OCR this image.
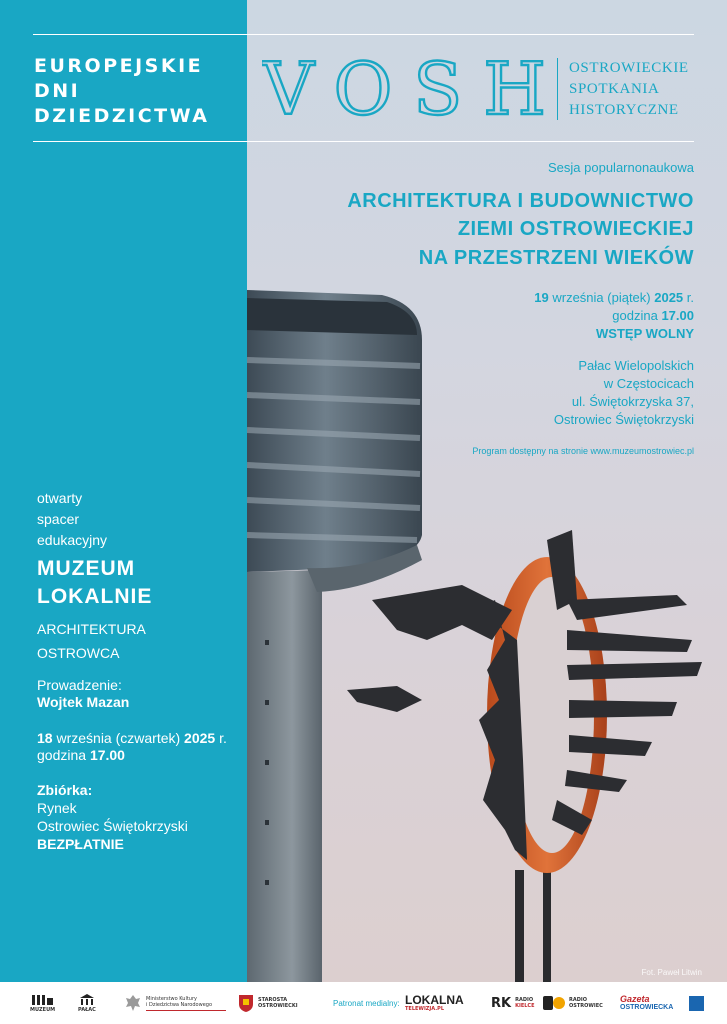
EUROPEJSKIE
DNI
DZIEDZICTWA VOSH OSTROWIECKIE
SPOTKANIA
HISTORYCZNE
Sesja popularnonaukowa
ARCHITEKTURA I BUDOWNICTWO
ZIEMI OSTROWIECKIEJ
NA PRZESTRZENI WIEKÓW
19 września (piątek) 2025 r.
godzina 17.00
WSTĘP WOLNY
Pałac Wielopolskich
w Częstocicach
ul. Świętokrzyska 37,
Ostrowiec Świętokrzyski
Program dostępny na stronie www.muzeumostrowiec.pl
otwarty
spacer
edukacyjny
MUZEUM
LOKALNIE
ARCHITEKTURA
OSTROWCA
Prowadzenie:
Wojtek Mazan
18 września (czwartek) 2025 r.
godzina 17.00
Zbiórka:
Rynek
Ostrowiec Świętokrzyski
BEZPŁATNIE
Fot. Paweł Litwin
MUZEUM	PAŁAC
Ministerstwo Kultury
i Dziedzictwa Narodowego
STAROSTA
OSTROWIECKI	Patronat medialny: LOKALNA
TELEWIZJA.PL	RK RADIO
KIELCE
RADIO
OSTROWIEC
Gazeta
OSTROWIECKA
